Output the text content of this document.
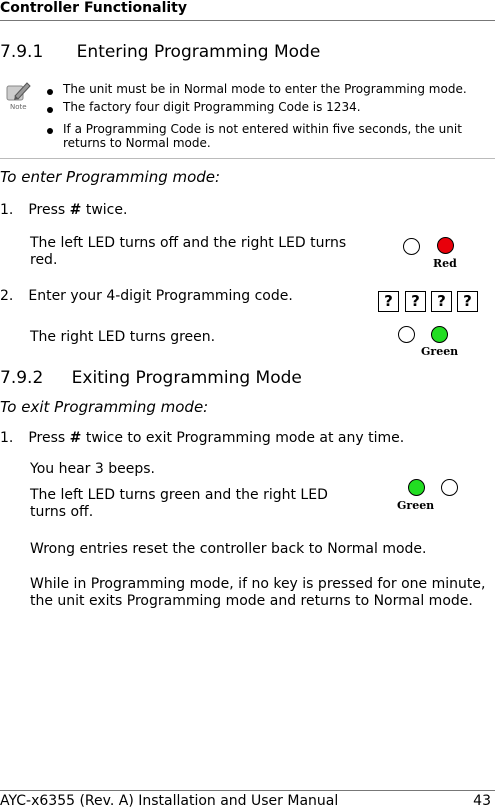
Controller Functionality
7.9.1 Entering Programming Mode
Note
The unit must be in Normal mode to enter the Programming mode.
The factory four digit Programming Code is 1234.
If a Programming Code is not entered within five seconds, the unit returns to Normal mode.
To enter Programming mode:
1. Press # twice.
The left LED turns off and the right LED turns red.	Red
2. Enter your 4-digit Programming code.	?	?	?	?
The right LED turns green.
Green
7.9.2 Exiting Programming Mode
To exit Programming mode:
1. Press # twice to exit Programming mode at any time.
You hear 3 beeps.
The left LED turns green and the right LED turns off.	Green
Wrong entries reset the controller back to Normal mode.
While in Programming mode, if no key is pressed for one minute, the unit exits Programming mode and returns to Normal mode.
AYC-x6355 (Rev. A) Installation and User Manual	43
